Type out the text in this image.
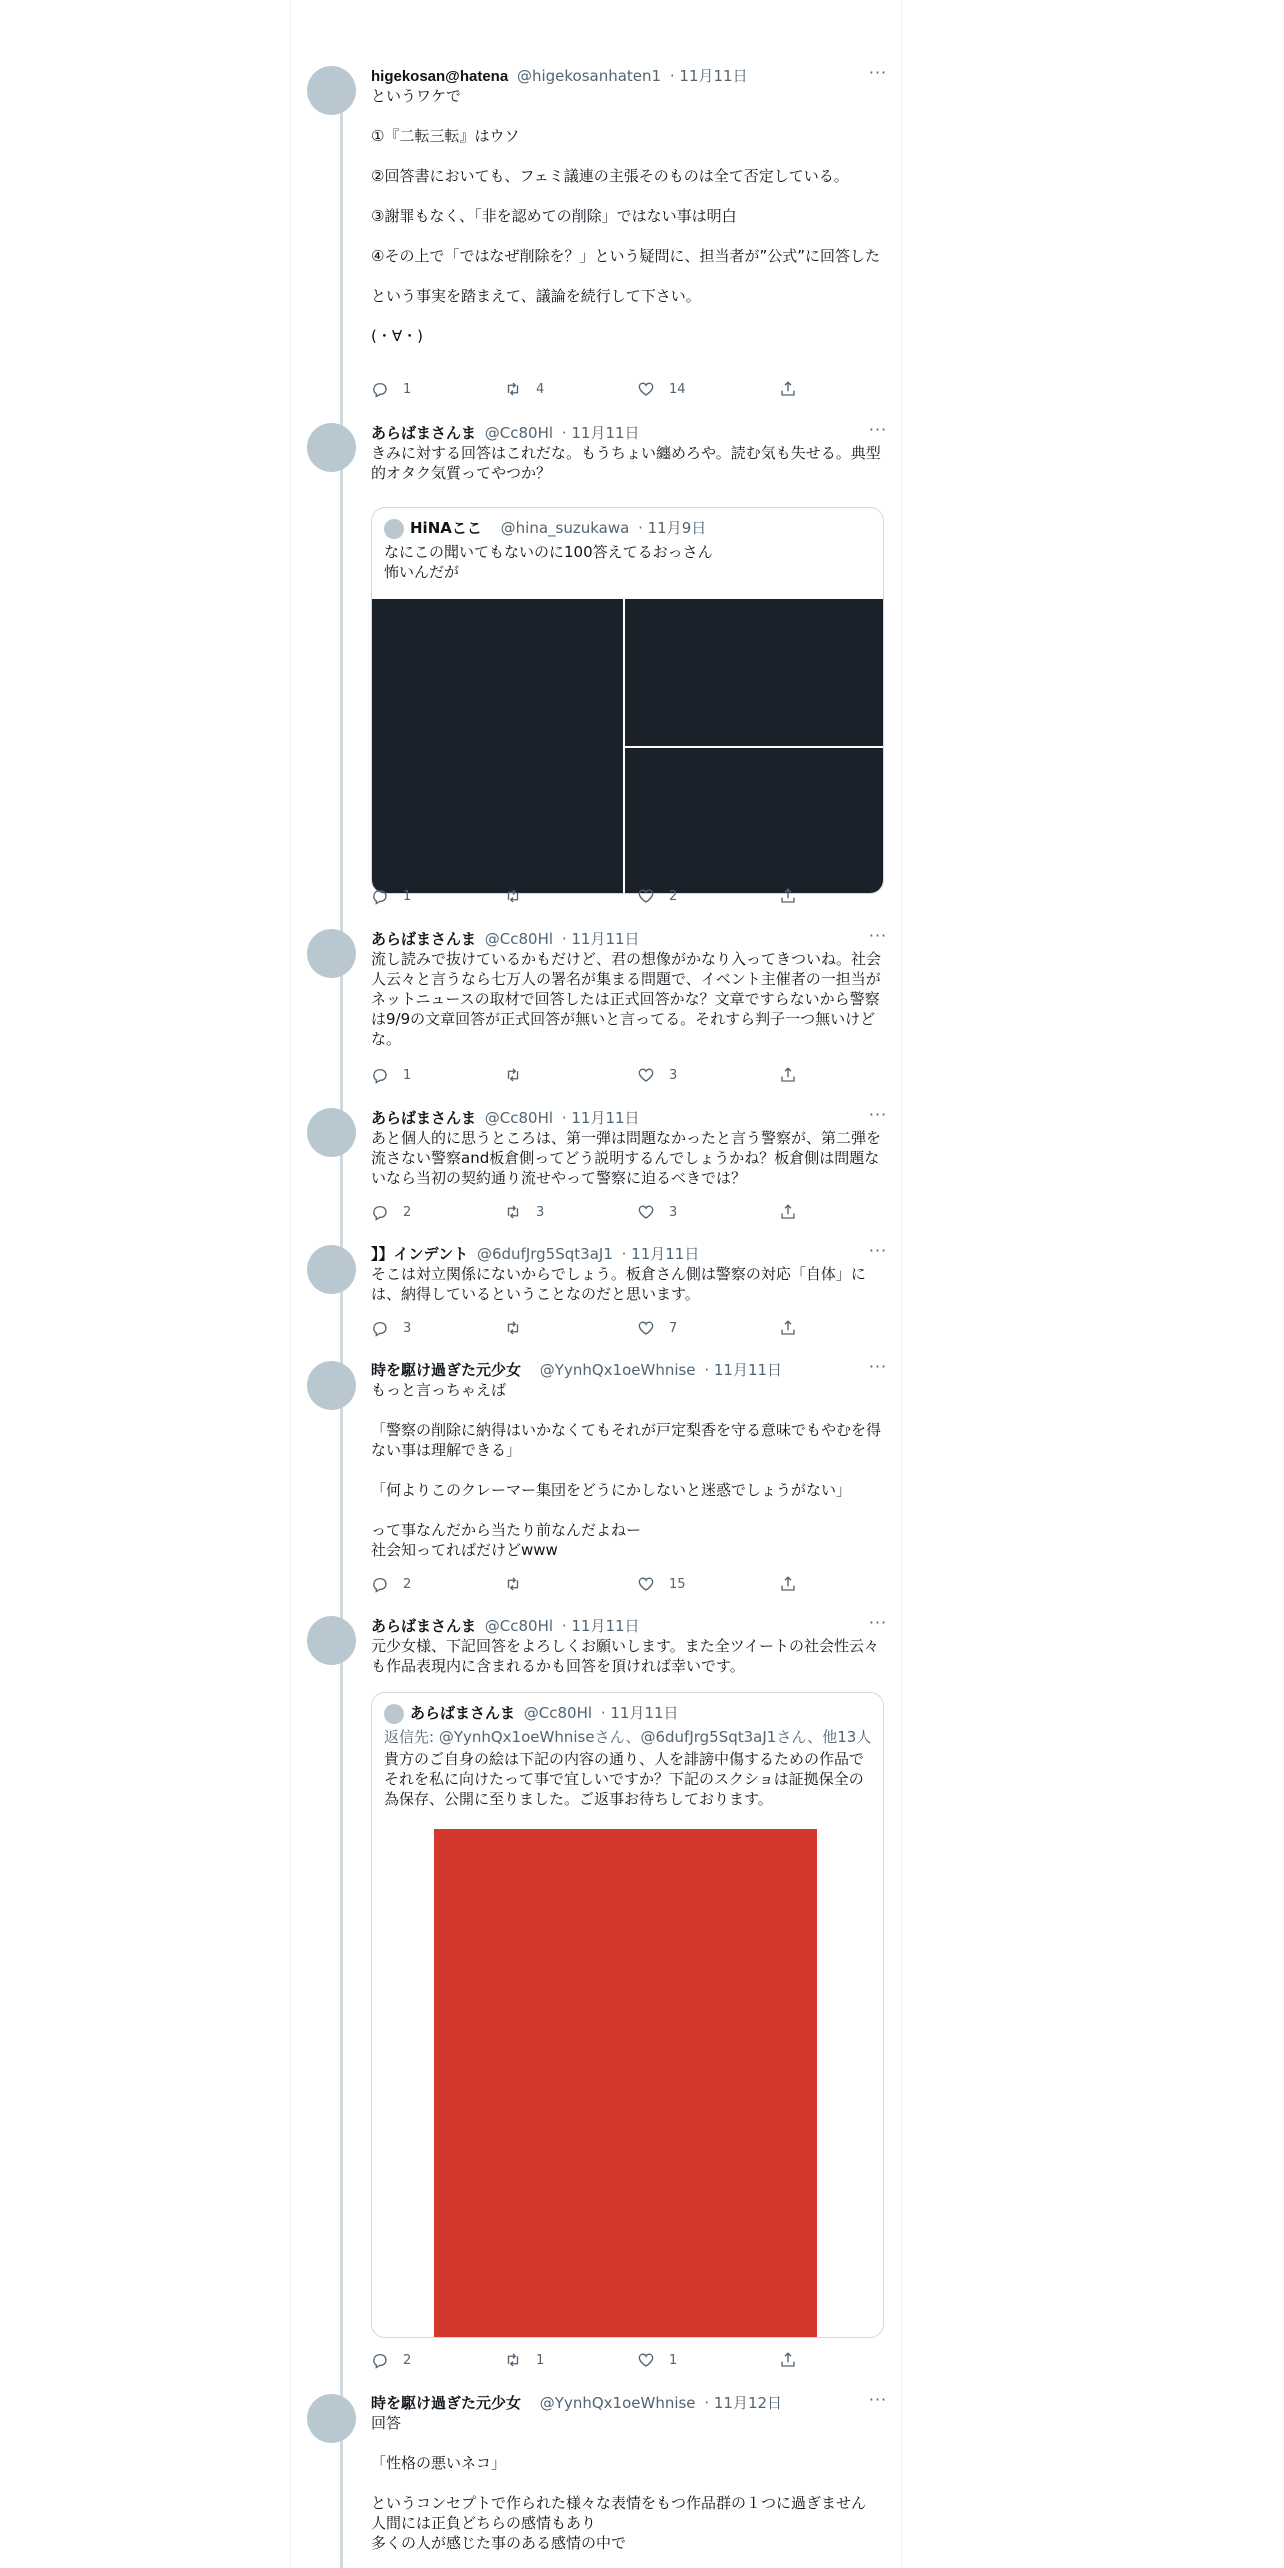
higekosan@hatena @higekosanhaten1 · 11月11日	···
というワケで

①『二転三転』はウソ

②回答書においても、フェミ議連の主張そのものは全て否定している。

③謝罪もなく、「非を認めての削除」ではない事は明白

④その上で「ではなぜ削除を？」という疑問に、担当者が”公式”に回答した

という事実を踏まえて、議論を続行して下さい。

(・∀・)
1	4	14
あらばまさんま @Cc80Hl · 11月11日	···
きみに対する回答はこれだな。もうちょい纏めろや。読む気も失せる。典型的オタク気質ってやつか？
HiNAここ @hina_suzukawa · 11月9日
なにこの聞いてもないのに100答えてるおっさん
怖いんだが
1	2
あらばまさんま @Cc80Hl · 11月11日	···
流し読みで抜けているかもだけど、君の想像がかなり入ってきついね。社会人云々と言うなら七万人の署名が集まる問題で、イベント主催者の一担当がネットニュースの取材で回答したは正式回答かな？文章ですらないから警察は9/9の文章回答が正式回答が無いと言ってる。それすら判子一つ無いけどな。
1	3
あらばまさんま @Cc80Hl · 11月11日	···
あと個人的に思うところは、第一弾は問題なかったと言う警察が、第二弾を流さない警察and板倉側ってどう説明するんでしょうかね？板倉側は問題ないなら当初の契約通り流せやって警察に迫るべきでは？
2	3	3
】】インデント @6dufJrg5Sqt3aJ1 · 11月11日	···
そこは対立関係にないからでしょう。板倉さん側は警察の対応「自体」には、納得しているということなのだと思います。
3	7
時を駆け過ぎた元少女 @YynhQx1oeWhnise · 11月11日	···
もっと言っちゃえば

「警察の削除に納得はいかなくてもそれが戸定梨香を守る意味でもやむを得ない事は理解できる」

「何よりこのクレーマー集団をどうにかしないと迷惑でしょうがない」

って事なんだから当たり前なんだよねー
社会知ってればだけどwww
2	15
あらばまさんま @Cc80Hl · 11月11日	···
元少女様、下記回答をよろしくお願いします。また全ツイートの社会性云々も作品表現内に含まれるかも回答を頂ければ幸いです。
あらばまさんま @Cc80Hl · 11月11日
返信先: @YynhQx1oeWhniseさん、@6dufJrg5Sqt3aJ1さん、他13人
貴方のご自身の絵は下記の内容の通り、人を誹謗中傷するための作品でそれを私に向けたって事で宜しいですか？下記のスクショは証拠保全の為保存、公開に至りました。ご返事お待ちしております。
2	1	1
時を駆け過ぎた元少女 @YynhQx1oeWhnise · 11月12日	···
回答

「性格の悪いネコ」

というコンセプトで作られた様々な表情をもつ作品群の１つに過ぎません
人間には正負どちらの感情もあり
多くの人が感じた事のある感情の中で
